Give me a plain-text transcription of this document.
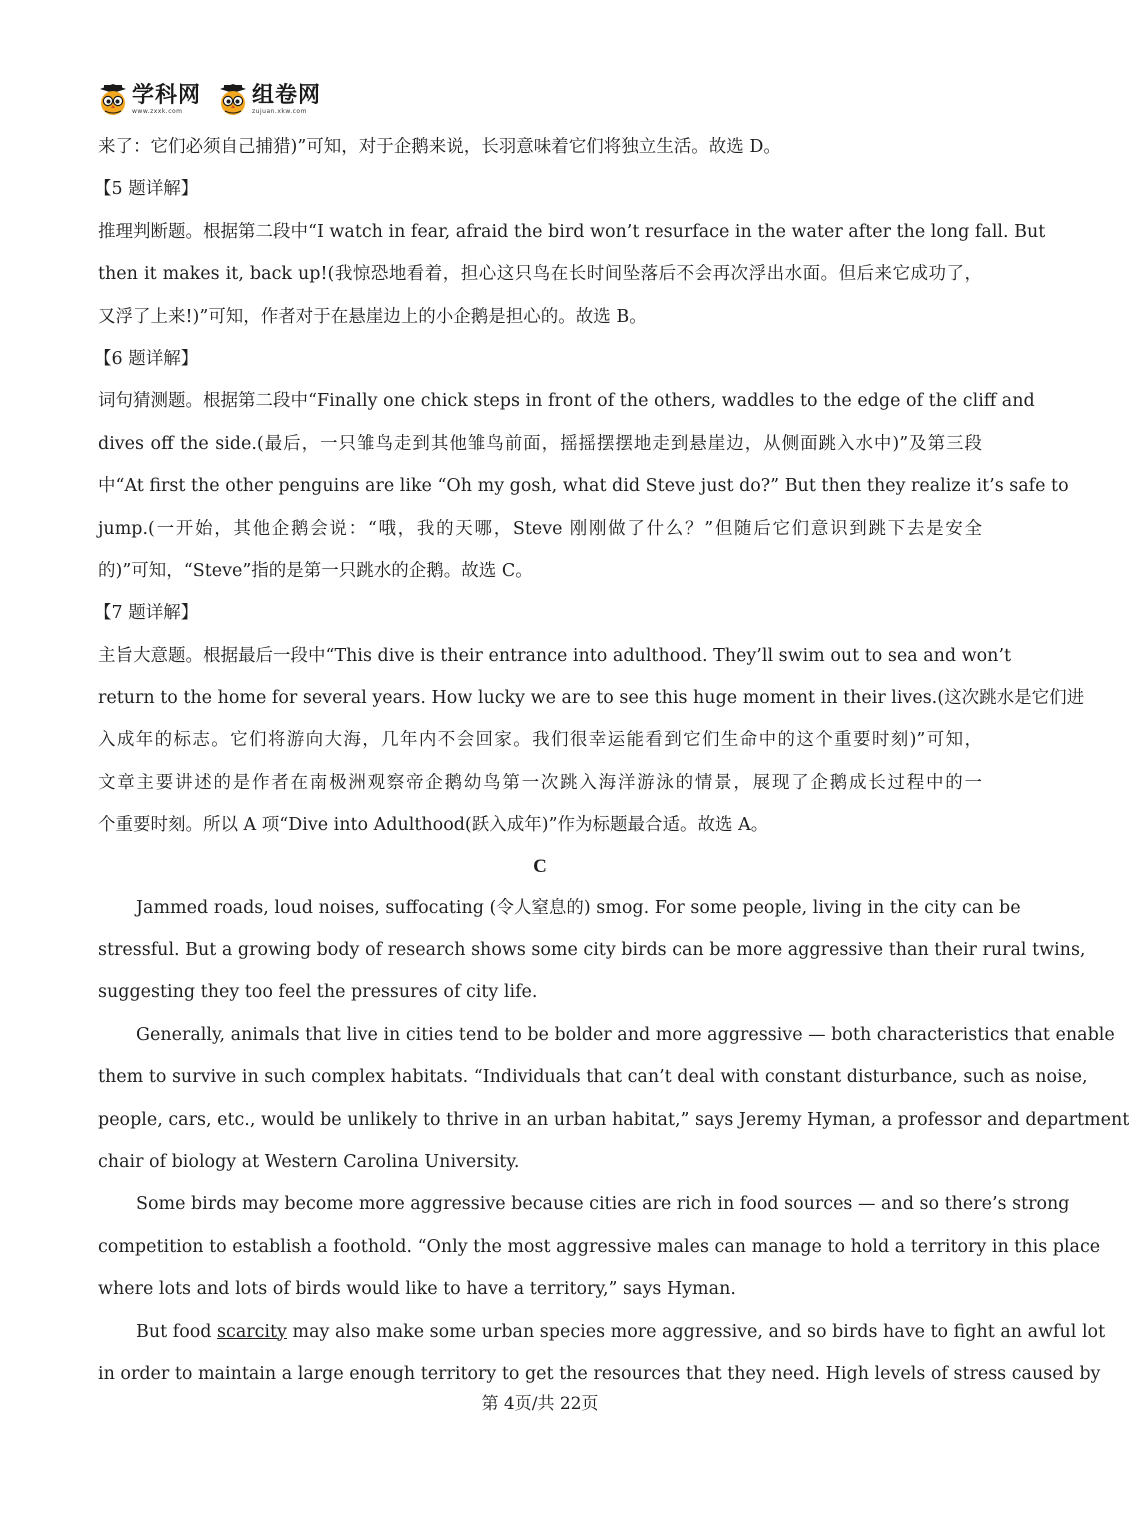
学科网
www.zxxk.com
组卷网
zujuan.xkw.com
来了：它们必须自己捕猎)”可知，对于企鹅来说，长羽意味着它们将独立生活。故选 D。
【5 题详解】
推理判断题。根据第二段中“I watch in fear, afraid the bird won’t resurface in the water after the long fall. But
then it makes it, back up!(我惊恐地看着，担心这只鸟在长时间坠落后不会再次浮出水面。但后来它成功了，
又浮了上来!)”可知，作者对于在悬崖边上的小企鹅是担心的。故选 B。
【6 题详解】
词句猜测题。根据第二段中“Finally one chick steps in front of the others, waddles to the edge of the cliff and
dives off the side.(最后，一只雏鸟走到其他雏鸟前面，摇摇摆摆地走到悬崖边，从侧面跳入水中)”及第三段
中“At first the other penguins are like “Oh my gosh, what did Steve just do?” But then they realize it’s safe to
jump.(一开始，其他企鹅会说：“哦，我的天哪，Steve 刚刚做了什么？”但随后它们意识到跳下去是安全
的)”可知，“Steve”指的是第一只跳水的企鹅。故选 C。
【7 题详解】
主旨大意题。根据最后一段中“This dive is their entrance into adulthood. They’ll swim out to sea and won’t
return to the home for several years. How lucky we are to see this huge moment in their lives.(这次跳水是它们进
入成年的标志。它们将游向大海，几年内不会回家。我们很幸运能看到它们生命中的这个重要时刻)”可知，
文章主要讲述的是作者在南极洲观察帝企鹅幼鸟第一次跳入海洋游泳的情景，展现了企鹅成长过程中的一
个重要时刻。所以 A 项“Dive into Adulthood(跃入成年)”作为标题最合适。故选 A。
C
Jammed roads, loud noises, suffocating (令人窒息的) smog. For some people, living in the city can be
stressful. But a growing body of research shows some city birds can be more aggressive than their rural twins,
suggesting they too feel the pressures of city life.
Generally, animals that live in cities tend to be bolder and more aggressive — both characteristics that enable
them to survive in such complex habitats. “Individuals that can’t deal with constant disturbance, such as noise,
people, cars, etc., would be unlikely to thrive in an urban habitat,” says Jeremy Hyman, a professor and department
chair of biology at Western Carolina University.
Some birds may become more aggressive because cities are rich in food sources — and so there’s strong
competition to establish a foothold. “Only the most aggressive males can manage to hold a territory in this place
where lots and lots of birds would like to have a territory,” says Hyman.
But food scarcity may also make some urban species more aggressive, and so birds have to fight an awful lot
in order to maintain a large enough territory to get the resources that they need. High levels of stress caused by
第 4页/共 22页
